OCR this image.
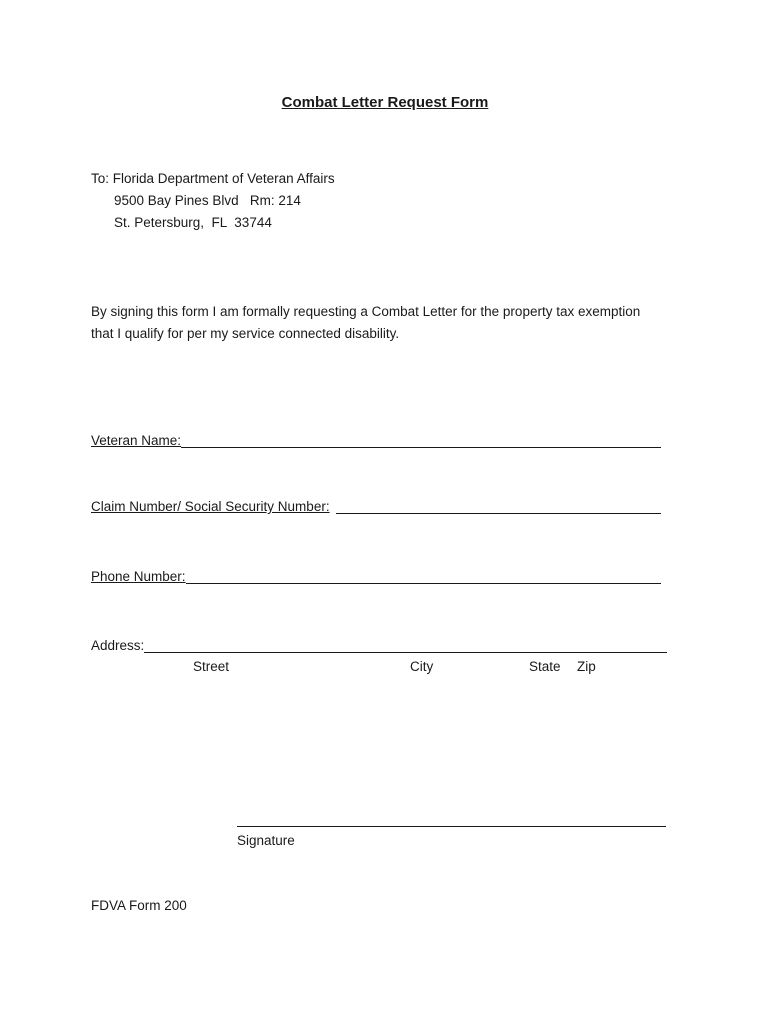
Combat Letter Request Form
To: Florida Department of Veteran Affairs
9500 Bay Pines Blvd   Rm: 214
St. Petersburg,  FL  33744
By signing this form I am formally requesting a Combat Letter for the property tax exemption
that I qualify for per my service connected disability.
Veteran Name:
Claim Number/ Social Security Number:
Phone Number:
Address:
Street	City	State Zip
Signature
FDVA Form 200
